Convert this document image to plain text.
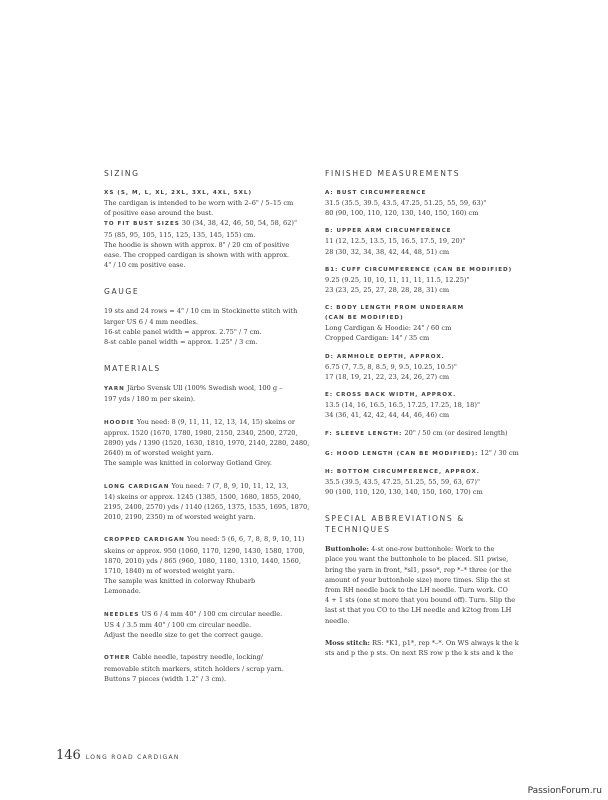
SIZING
XS (S, M, L, XL, 2XL, 3XL, 4XL, 5XL)

The cardigan is intended to be worn with 2–6" / 5–15 cm
of positive ease around the bust.

TO FIT BUST SIZES 30 (34, 38, 42, 46, 50, 54, 58, 62)"
75 (85, 95, 105, 115, 125, 135, 145, 155) cm.

The hoodie is shown with approx. 8" / 20 cm of positive
ease. The cropped cardigan is shown with with approx.
4" / 10 cm positive ease.

GAUGE

19 sts and 24 rows = 4" / 10 cm in Stockinette stitch with
larger US 6 / 4 mm needles.
16-st cable panel width = approx. 2.75" / 7 cm.
8-st cable panel width = approx. 1.25" / 3 cm.

MATERIALS

YARN Järbo Svensk Ull (100% Swedish wool, 100 g –
197 yds / 180 m per skein).

HOODIE You need: 8 (9, 11, 11, 12, 13, 14, 15) skeins or
approx. 1520 (1670, 1780, 1980, 2150, 2340, 2500, 2720,
2890) yds / 1390 (1520, 1630, 1810, 1970, 2140, 2280, 2480,
2640) m of worsted weight yarn.
The sample was knitted in colorway Gotland Grey.

LONG CARDIGAN You need: 7 (7, 8, 9, 10, 11, 12, 13,
14) skeins or approx. 1245 (1385, 1500, 1680, 1855, 2040,
2195, 2400, 2570) yds / 1140 (1265, 1375, 1535, 1695, 1870,
2010, 2190, 2350) m of worsted weight yarn.

CROPPED CARDIGAN You need: 5 (6, 6, 7, 8, 8, 9, 10, 11)
skeins or approx. 950 (1060, 1170, 1290, 1430, 1580, 1700,
1870, 2010) yds / 865 (960, 1080, 1180, 1310, 1440, 1560,
1710, 1840) m of worsted weight yarn.
The sample was knitted in colorway Rhubarb
Lemonade.

NEEDLES US 6 / 4 mm 40" / 100 cm circular needle.
US 4 / 3.5 mm 40" / 100 cm circular needle.
Adjust the needle size to get the correct gauge.

OTHER Cable needle, tapestry needle, locking/
removable stitch markers, stitch holders / scrap yarn.
Buttons 7 pieces (width 1.2" / 3 cm).

FINISHED MEASUREMENTS
A: BUST CIRCUMFERENCE

31.5 (35.5, 39.5, 43.5, 47.25, 51.25, 55, 59, 63)"
80 (90, 100, 110, 120, 130, 140, 150, 160) cm

B: UPPER ARM CIRCUMFERENCE

11 (12, 12.5, 13.5, 15, 16.5, 17.5, 19, 20)"
28 (30, 32, 34, 38, 42, 44, 48, 51) cm

B1: CUFF CIRCUMFERENCE (CAN BE MODIFIED)

9.25 (9.25, 10, 10, 11, 11, 11, 11.5, 12.25)"
23 (23, 25, 25, 27, 28, 28, 28, 31) cm

C: BODY LENGTH FROM UNDERARM
(CAN BE MODIFIED)

Long Cardigan & Hoodie: 24" / 60 cm
Cropped Cardigan: 14" / 35 cm

D: ARMHOLE DEPTH, APPROX.

6.75 (7, 7.5, 8, 8.5, 9, 9.5, 10.25, 10.5)"
17 (18, 19, 21, 22, 23, 24, 26, 27) cm

E: CROSS BACK WIDTH, APPROX.

13.5 (14, 16, 16.5, 16.5, 17.25, 17.25, 18, 18)"
34 (36, 41, 42, 42, 44, 44, 46, 46) cm

F: SLEEVE LENGTH: 20" / 50 cm (or desired length)

G: HOOD LENGTH (CAN BE MODIFIED): 12" / 30 cm

H: BOTTOM CIRCUMFERENCE, APPROX.

35.5 (39.5, 43.5, 47.25, 51.25, 55, 59, 63, 67)"
90 (100, 110, 120, 130, 140, 150, 160, 170) cm

SPECIAL ABBREVIATIONS &
TECHNIQUES

Buttonhole: 4-st one-row buttonhole: Work to the
place you want the buttonhole to be placed. Sl1 pwise,
bring the yarn in front, *sl1, psso*, rep *–* three (or the
amount of your buttonhole size) more times. Slip the st
from RH needle back to the LH needle. Turn work. CO
4 + 1 sts (one st more that you bound off). Turn. Slip the
last st that you CO to the LH needle and k2tog from LH
needle.

Moss stitch: RS: *K1, p1*, rep *–*. On WS always k the k
sts and p the p sts. On next RS row p the k sts and k the

146 LONG ROAD CARDIGAN
PassionForum.ru
